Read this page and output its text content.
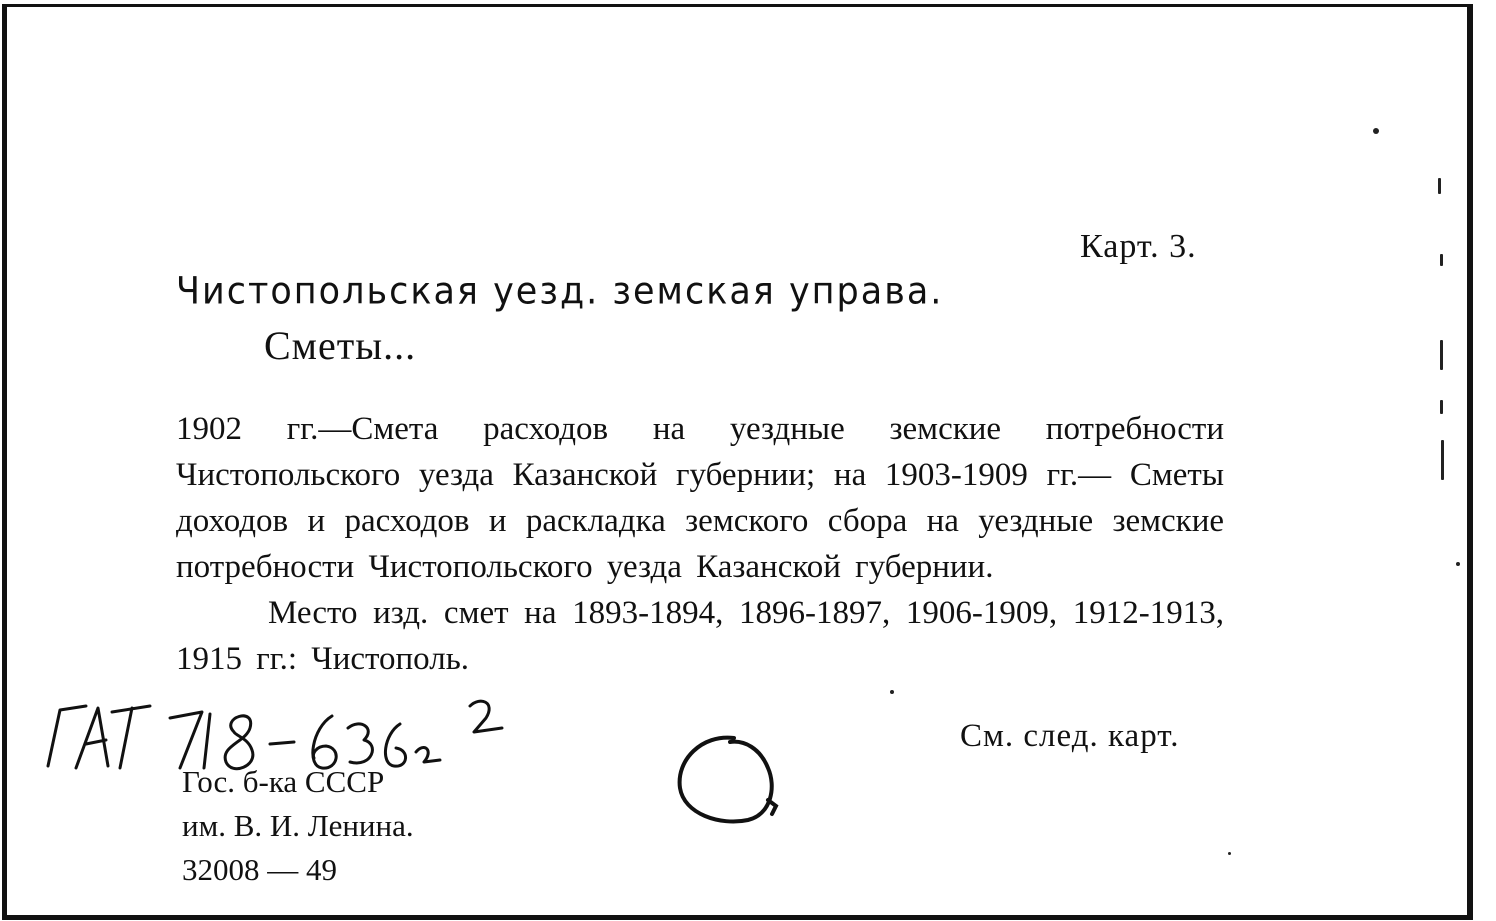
Карт. 3.
Чистопольская уезд. земская управа.
Сметы...

1902 гг.—Смета расходов на уездные земские потребности Чистопольского уезда Казанской губернии; на 1903-1909 гг.— Сметы доходов и расходов и раскладка земского сбора на уездные земские потребности Чистопольского уезда Казанской губернии.

Место изд. смет на 1893-1894, 1896-1897, 1906-1909, 1912-1913, 1915 гг.: Чистополь.

См. след. карт.
Гос. б-ка СССР
им. В. И. Ленина.
32008 — 49
